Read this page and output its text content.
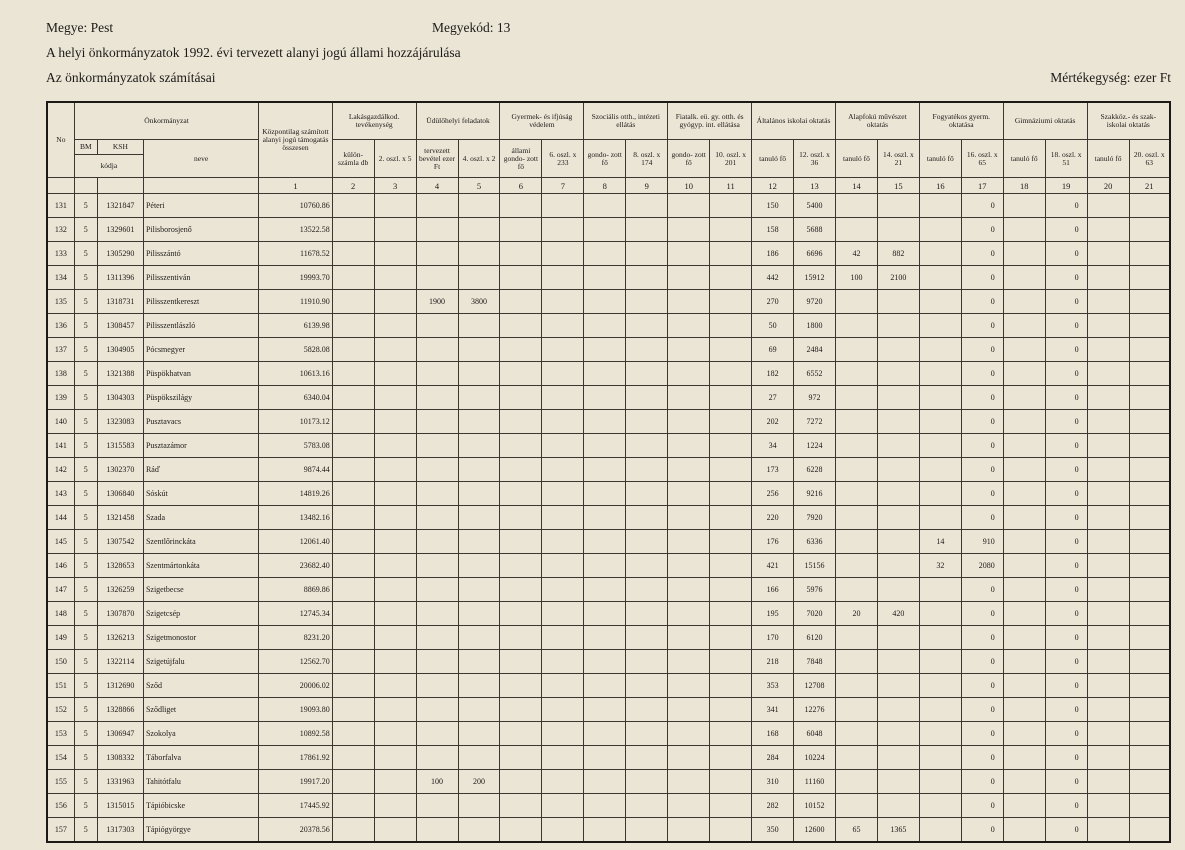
Megye: Pest	Megyekód: 13
A helyi önkormányzatok 1992. évi tervezett alanyi jogú állami hozzájárulása
Az önkormányzatok számításai	Mértékegység: ezer Ft
No	Önkormányzat			Központilag számított alanyi jogú támogatás összesen	Lakásgazdálkod. tevékenység		Üdülőhelyi feladatok		Gyermek- és ifjúság védelem		Szociális otth., intézeti ellátás		Fiatalk. eü. gy. otth. és gyógyp. int. ellátása		Általános iskolai oktatás		Alapfokú művészet oktatás		Fogyatékos gyerm. oktatása		Gimnáziumi oktatás		Szakköz.- és szak- iskolai oktatás	
	BM	KSH	neve		külön- számla db	2. oszl. x 5	tervezett bevétel ezer Ft	4. oszl. x 2	állami gondo- zott fő	6. oszl. x 233	gondo- zott fő	8. oszl. x 174	gondo- zott fő	10. oszl. x 201	tanuló fő	12. oszl. x 36	tanuló fő	14. oszl. x 21	tanuló fő	16. oszl. x 65	tanuló fő	18. oszl. x 51	tanuló fő	20. oszl. x 63
	kódja																							
				1	2	3	4	5	6	7	8	9	10	11	12	13	14	15	16	17	18	19	20	21
131	5	1321847	Péteri	10760.86											150	5400				0		0		
132	5	1329601	Pilisborosjenő	13522.58											158	5688				0		0		
133	5	1305290	Pilisszántó	11678.52											186	6696	42	882		0		0		
134	5	1311396	Pilisszentiván	19993.70											442	15912	100	2100		0		0		
135	5	1318731	Pilisszentkereszt	11910.90			1900	3800							270	9720				0		0		
136	5	1308457	Pilisszentlászló	6139.98											50	1800				0		0		
137	5	1304905	Pócsmegyer	5828.08											69	2484				0		0		
138	5	1321388	Püspökhatvan	10613.16											182	6552				0		0		
139	5	1304303	Püspökszilágy	6340.04											27	972				0		0		
140	5	1323083	Pusztavacs	10173.12											202	7272				0		0		
141	5	1315583	Pusztazámor	5783.08											34	1224				0		0		
142	5	1302370	Ráď	9874.44											173	6228				0		0		
143	5	1306840	Sóskút	14819.26											256	9216				0		0		
144	5	1321458	Szada	13482.16											220	7920				0		0		
145	5	1307542	Szentlőrinckáta	12061.40											176	6336			14	910		0		
146	5	1328653	Szentmártonkáta	23682.40											421	15156			32	2080		0		
147	5	1326259	Szigetbecse	8869.86											166	5976				0		0		
148	5	1307870	Szigetcsép	12745.34											195	7020	20	420		0		0		
149	5	1326213	Szigetmonostor	8231.20											170	6120				0		0		
150	5	1322114	Szigetújfalu	12562.70											218	7848				0		0		
151	5	1312690	Sződ	20006.02											353	12708				0		0		
152	5	1328866	Sződliget	19093.80											341	12276				0		0		
153	5	1306947	Szokolya	10892.58											168	6048				0		0		
154	5	1308332	Táborfalva	17861.92											284	10224				0		0		
155	5	1331963	Tahitótfalu	19917.20			100	200							310	11160				0		0		
156	5	1315015	Tápióbicske	17445.92											282	10152				0		0		
157	5	1317303	Tápiógyörgye	20378.56											350	12600	65	1365		0		0		
